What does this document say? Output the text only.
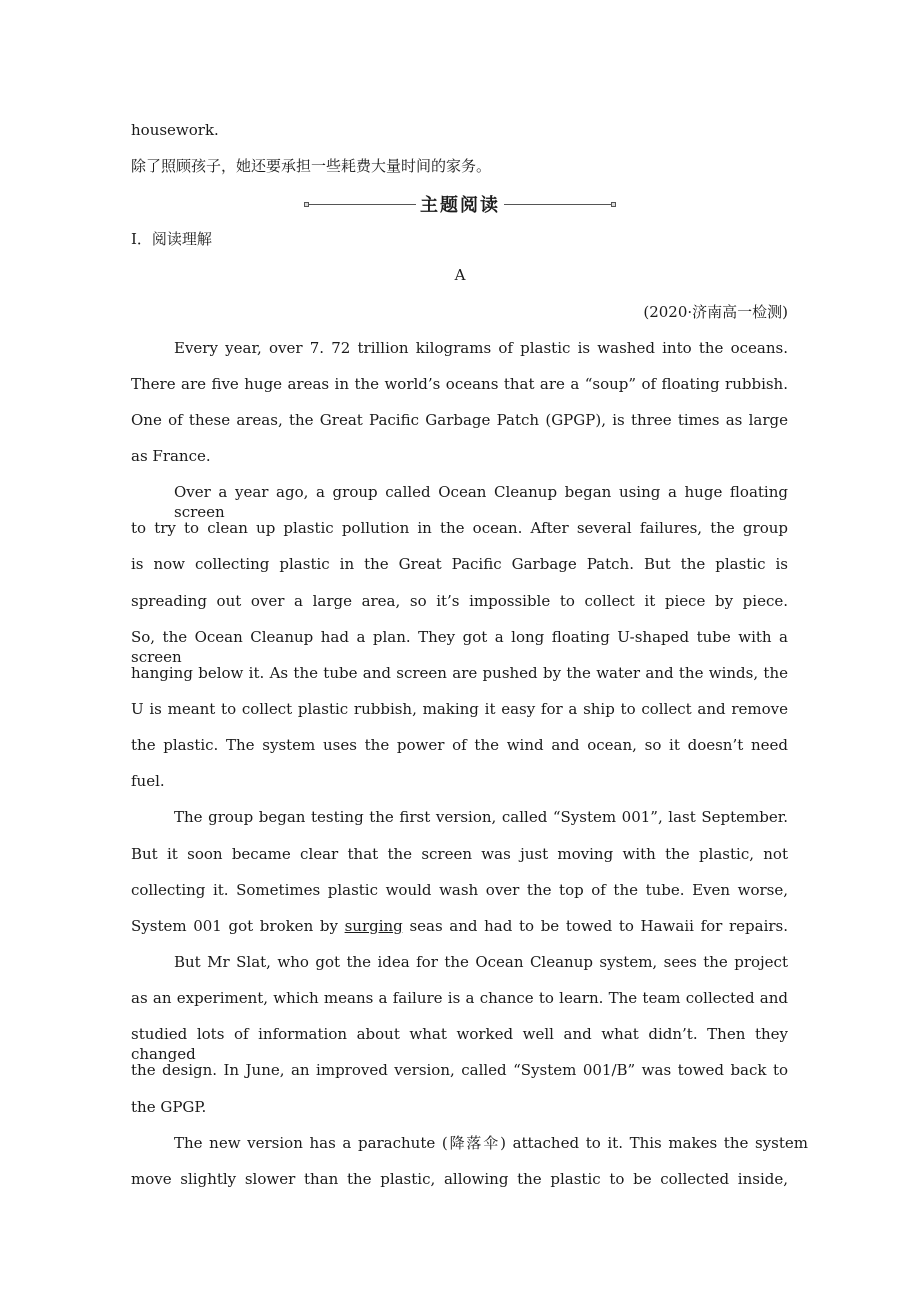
housework.
除了照顾孩子，她还要承担一些耗费大量时间的家务。
主题阅读
Ⅰ．阅读理解
A
(2020·济南高一检测)
Every year, over 7. 72 trillion kilograms of plastic is washed into the oceans.
There are five huge areas in the world’s oceans that are a “soup” of floating rubbish.
One of these areas, the Great Pacific Garbage Patch (GPGP), is three times as large
as France.
Over a year ago, a group called Ocean Cleanup began using a huge floating screen
to try to clean up plastic pollution in the ocean. After several failures, the group
is now collecting plastic in the Great Pacific Garbage Patch. But the plastic is
spreading out over a large area, so it’s impossible to collect it piece by piece.
So, the Ocean Cleanup had a plan. They got a long floating U-shaped tube with a screen
hanging below it. As the tube and screen are pushed by the water and the winds, the
U is meant to collect plastic rubbish, making it easy for a ship to collect and remove
the plastic. The system uses the power of the wind and ocean, so it doesn’t need
fuel.
The group began testing the first version, called “System 001”, last September.
But it soon became clear that the screen was just moving with the plastic, not
collecting it. Sometimes plastic would wash over the top of the tube. Even worse,
System 001 got broken by surging seas and had to be towed to Hawaii for repairs.
But Mr Slat, who got the idea for the Ocean Cleanup system, sees the project
as an experiment, which means a failure is a chance to learn. The team collected and
studied lots of information about what worked well and what didn’t. Then they changed
the design. In June, an improved version, called “System 001/B” was towed back to
the GPGP.
The new version has a parachute (降落伞) attached to it. This makes the system
move slightly slower than the plastic, allowing the plastic to be collected inside,
